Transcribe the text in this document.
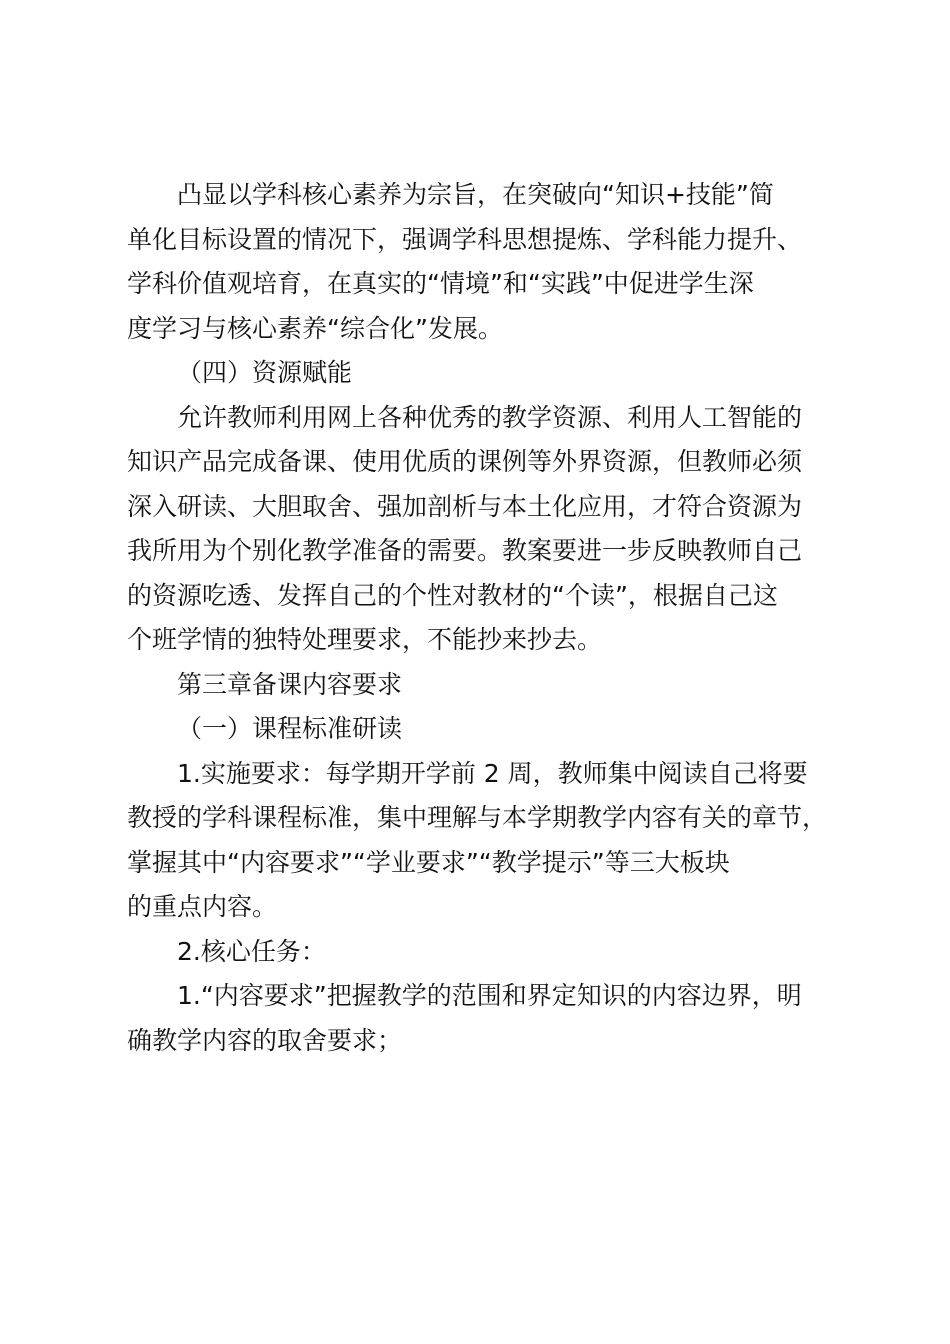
凸显以学科核心素养为宗旨，在突破向“知识+技能”简
单化目标设置的情况下，强调学科思想提炼、学科能力提升、
学科价值观培育，在真实的“情境”和“实践”中促进学生深
度学习与核心素养“综合化”发展。
（四）资源赋能
允许教师利用网上各种优秀的教学资源、利用人工智能的
知识产品完成备课、使用优质的课例等外界资源，但教师必须
深入研读、大胆取舍、强加剖析与本土化应用，才符合资源为
我所用为个别化教学准备的需要。教案要进一步反映教师自己
的资源吃透、发挥自己的个性对教材的“个读”，根据自己这
个班学情的独特处理要求，不能抄来抄去。
第三章备课内容要求
（一）课程标准研读
1.实施要求：每学期开学前 2 周，教师集中阅读自己将要
教授的学科课程标准，集中理解与本学期教学内容有关的章节，
掌握其中“内容要求”“学业要求”“教学提示”等三大板块
的重点内容。
2.核心任务：
1.“内容要求”把握教学的范围和界定知识的内容边界，明
确教学内容的取舍要求；
